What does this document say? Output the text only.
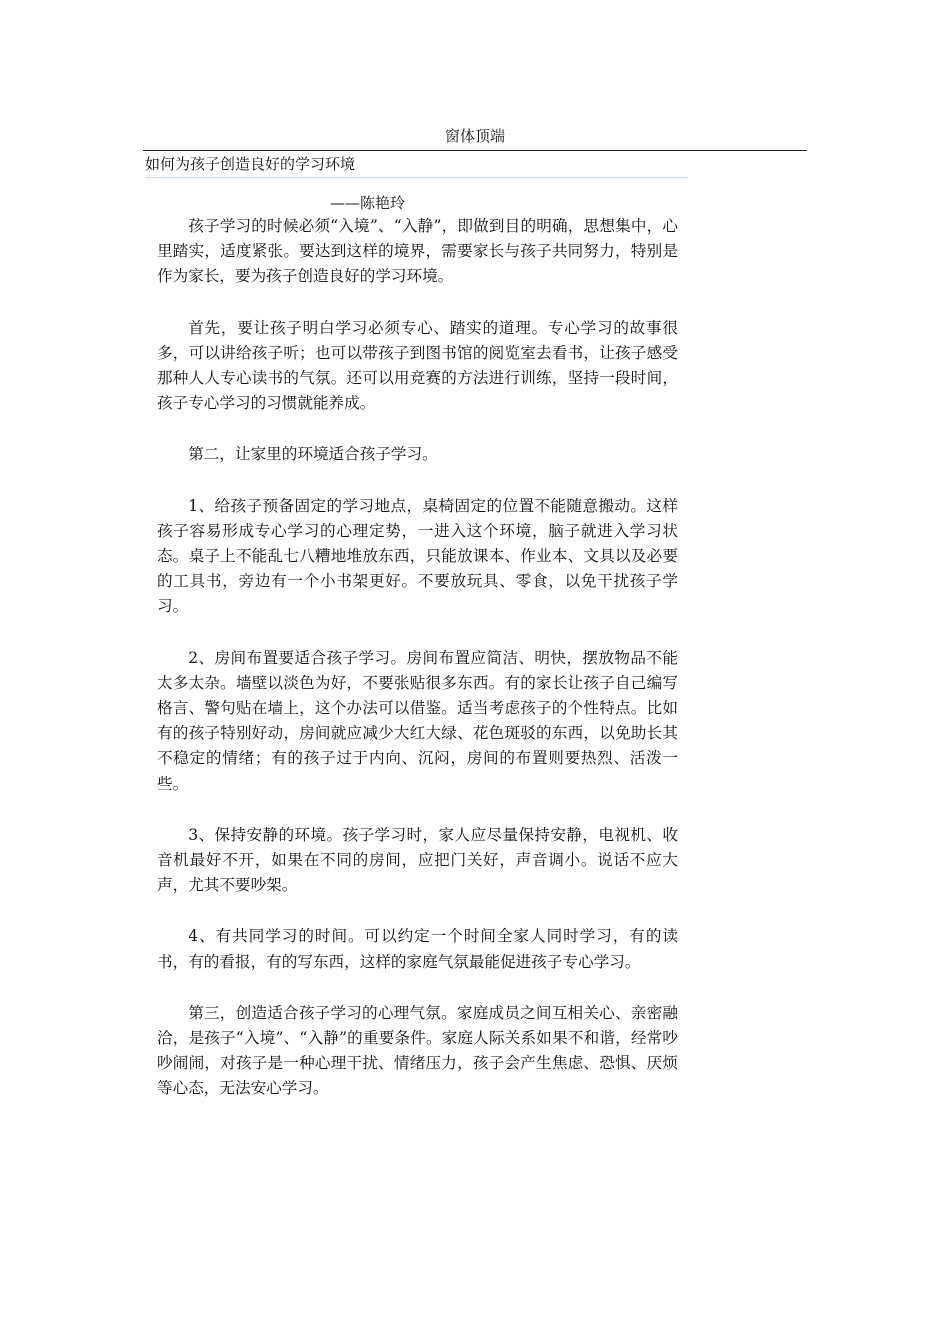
窗体顶端
如何为孩子创造良好的学习环境
——陈艳玲

孩子学习的时候必须“入境”、“入静”，即做到目的明确，思想集中，心里踏实，适度紧张。要达到这样的境界，需要家长与孩子共同努力，特别是作为家长，要为孩子创造良好的学习环境。

首先，要让孩子明白学习必须专心、踏实的道理。专心学习的故事很多，可以讲给孩子听；也可以带孩子到图书馆的阅览室去看书，让孩子感受那种人人专心读书的气氛。还可以用竞赛的方法进行训练，坚持一段时间，孩子专心学习的习惯就能养成。

第二，让家里的环境适合孩子学习。

1、给孩子预备固定的学习地点，桌椅固定的位置不能随意搬动。这样孩子容易形成专心学习的心理定势，一进入这个环境，脑子就进入学习状态。桌子上不能乱七八糟地堆放东西，只能放课本、作业本、文具以及必要的工具书，旁边有一个小书架更好。不要放玩具、零食，以免干扰孩子学习。

2、房间布置要适合孩子学习。房间布置应简洁、明快，摆放物品不能太多太杂。墙壁以淡色为好，不要张贴很多东西。有的家长让孩子自己编写格言、警句贴在墙上，这个办法可以借鉴。适当考虑孩子的个性特点。比如有的孩子特别好动，房间就应减少大红大绿、花色斑驳的东西，以免助长其不稳定的情绪；有的孩子过于内向、沉闷，房间的布置则要热烈、活泼一些。

3、保持安静的环境。孩子学习时，家人应尽量保持安静，电视机、收音机最好不开，如果在不同的房间，应把门关好，声音调小。说话不应大声，尤其不要吵架。

4、有共同学习的时间。可以约定一个时间全家人同时学习，有的读书，有的看报，有的写东西，这样的家庭气氛最能促进孩子专心学习。

第三，创造适合孩子学习的心理气氛。家庭成员之间互相关心、亲密融洽，是孩子“入境”、“入静”的重要条件。家庭人际关系如果不和谐，经常吵吵闹闹，对孩子是一种心理干扰、情绪压力，孩子会产生焦虑、恐惧、厌烦等心态，无法安心学习。
